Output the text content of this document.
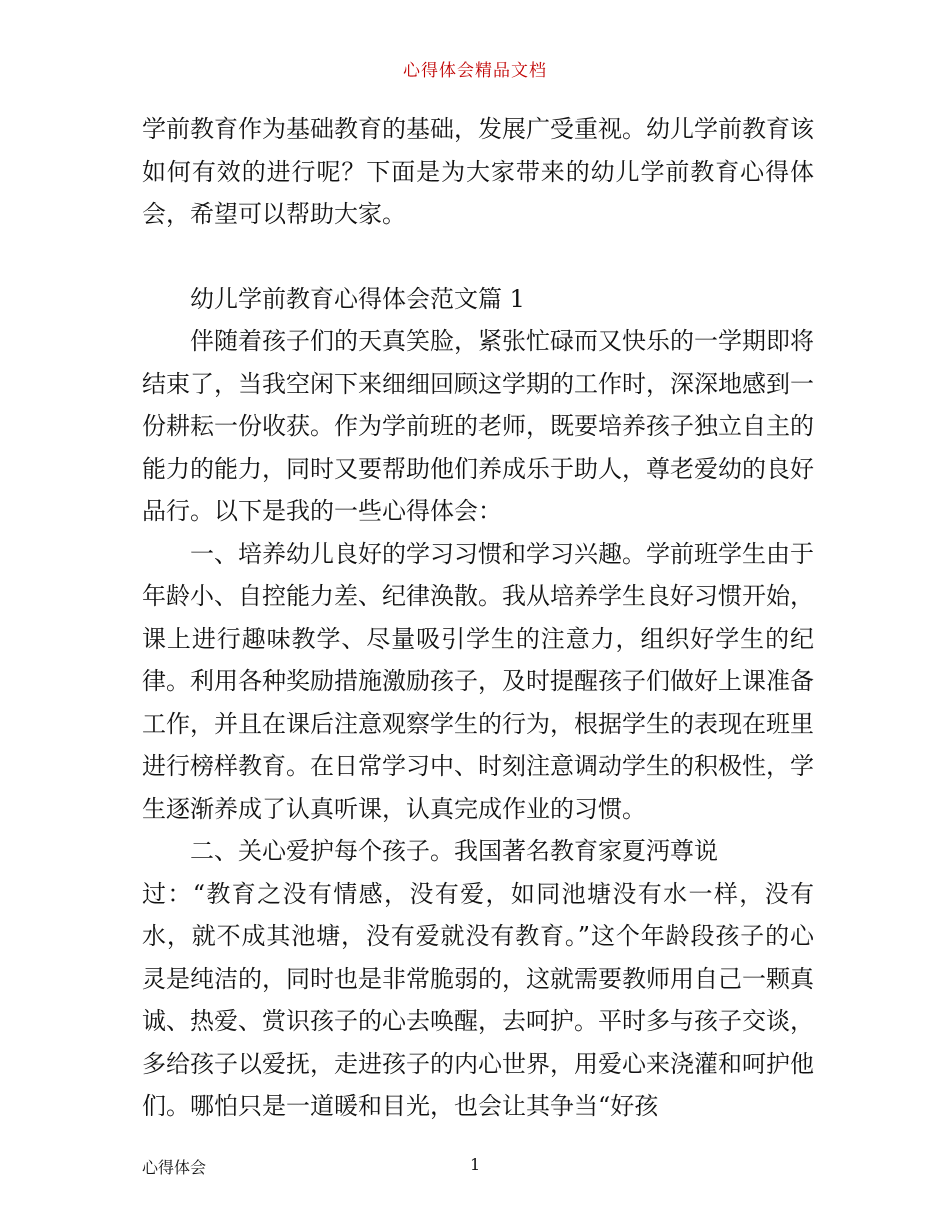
心得体会精品文档

学前教育作为基础教育的基础，发展广受重视。幼儿学前教育该如何有效的进行呢？下面是为大家带来的幼儿学前教育心得体会，希望可以帮助大家。

幼儿学前教育心得体会范文篇 1

伴随着孩子们的天真笑脸，紧张忙碌而又快乐的一学期即将结束了，当我空闲下来细细回顾这学期的工作时，深深地感到一份耕耘一份收获。作为学前班的老师，既要培养孩子独立自主的能力的能力，同时又要帮助他们养成乐于助人，尊老爱幼的良好品行。以下是我的一些心得体会：

一、培养幼儿良好的学习习惯和学习兴趣。学前班学生由于年龄小、自控能力差、纪律涣散。我从培养学生良好习惯开始，课上进行趣味教学、尽量吸引学生的注意力，组织好学生的纪律。利用各种奖励措施激励孩子，及时提醒孩子们做好上课准备工作，并且在课后注意观察学生的行为，根据学生的表现在班里进行榜样教育。在日常学习中、时刻注意调动学生的积极性，学生逐渐养成了认真听课，认真完成作业的习惯。

二、关心爱护每个孩子。我国著名教育家夏沔尊说

过：“教育之没有情感，没有爱，如同池塘没有水一样，没有水，就不成其池塘，没有爱就没有教育。”这个年龄段孩子的心灵是纯洁的，同时也是非常脆弱的，这就需要教师用自己一颗真诚、热爱、赏识孩子的心去唤醒，去呵护。平时多与孩子交谈，多给孩子以爱抚，走进孩子的内心世界，用爱心来浇灌和呵护他们。哪怕只是一道暖和目光，也会让其争当“好孩

心得体会	1
